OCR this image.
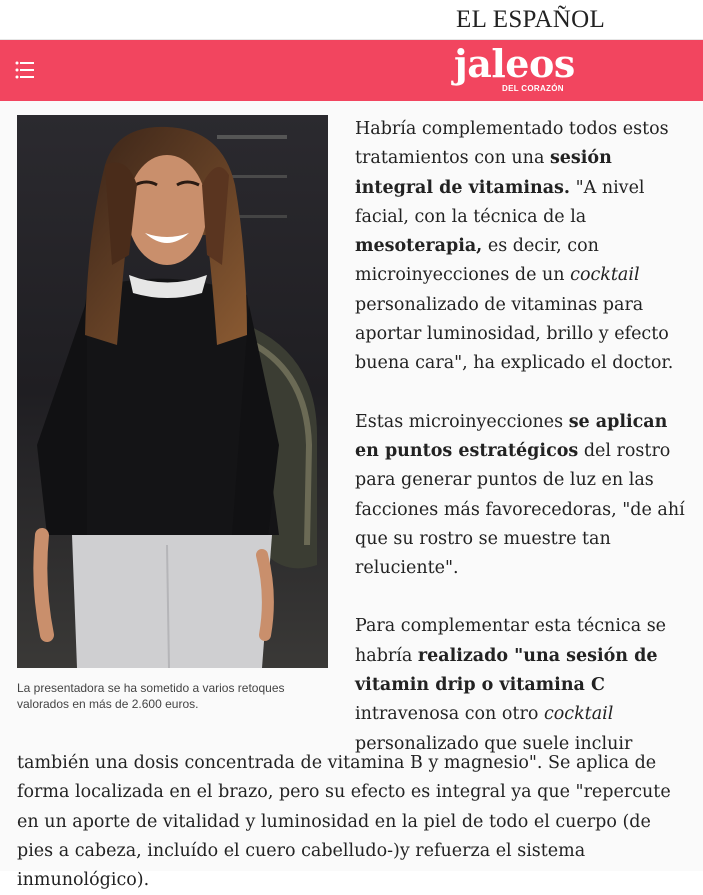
EL ESPAÑOL
jaleos
DEL CORAZÓN

La presentadora se ha sometido a varios retoques valorados en más de 2.600 euros.

Habría complementado todos estos tratamientos con una sesión integral de vitaminas. "A nivel facial, con la técnica de la mesoterapia, es decir, con microinyecciones de un cocktail personalizado de vitaminas para aportar luminosidad, brillo y efecto buena cara", ha explicado el doctor.

Estas microinyecciones se aplican en puntos estratégicos del rostro para generar puntos de luz en las facciones más favorecedoras, "de ahí que su rostro se muestre tan reluciente".

Para complementar esta técnica se habría realizado "una sesión de vitamin drip o vitamina C intravenosa con otro cocktail personalizado que suele incluir

también una dosis concentrada de vitamina B y magnesio". Se aplica de forma localizada en el brazo, pero su efecto es integral ya que "repercute en un aporte de vitalidad y luminosidad en la piel de todo el cuerpo (de pies a cabeza, incluído el cuero cabelludo-)y refuerza el sistema inmunológico).
